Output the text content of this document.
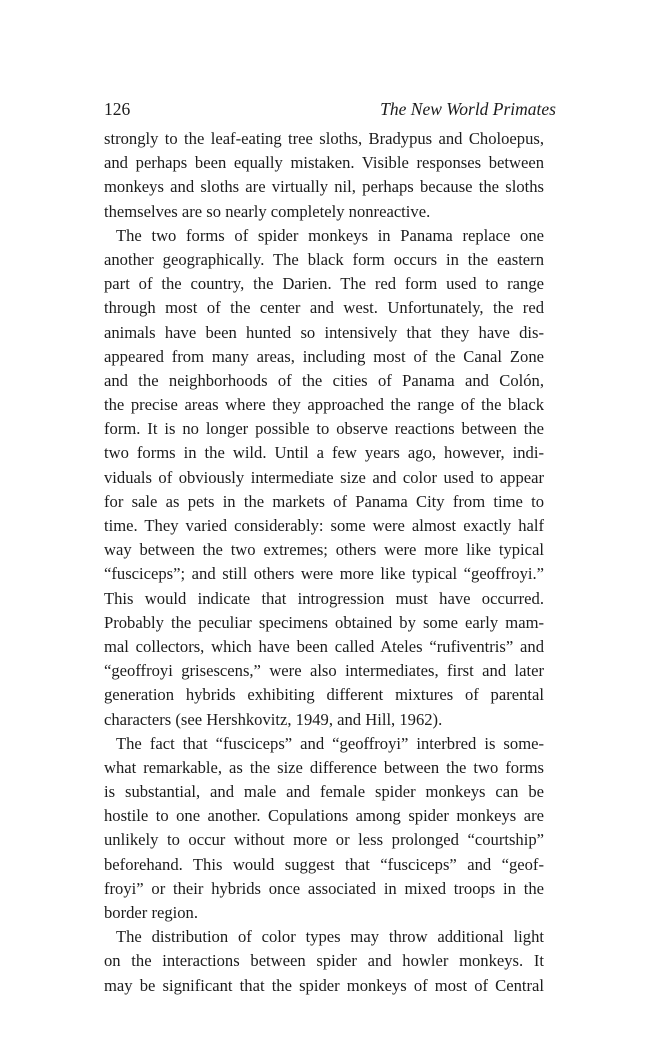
126	The New World Primates
strongly to the leaf-eating tree sloths, Bradypus and Choloepus,
and perhaps been equally mistaken. Visible responses between
monkeys and sloths are virtually nil, perhaps because the sloths
themselves are so nearly completely nonreactive.
The two forms of spider monkeys in Panama replace one
another geographically. The black form occurs in the eastern
part of the country, the Darien. The red form used to range
through most of the center and west. Unfortunately, the red
animals have been hunted so intensively that they have dis-
appeared from many areas, including most of the Canal Zone
and the neighborhoods of the cities of Panama and Colón,
the precise areas where they approached the range of the black
form. It is no longer possible to observe reactions between the
two forms in the wild. Until a few years ago, however, indi-
viduals of obviously intermediate size and color used to appear
for sale as pets in the markets of Panama City from time to
time. They varied considerably: some were almost exactly half
way between the two extremes; others were more like typical
“fusciceps”; and still others were more like typical “geoffroyi.”
This would indicate that introgression must have occurred.
Probably the peculiar specimens obtained by some early mam-
mal collectors, which have been called Ateles “rufiventris” and
“geoffroyi grisescens,” were also intermediates, first and later
generation hybrids exhibiting different mixtures of parental
characters (see Hershkovitz, 1949, and Hill, 1962).
The fact that “fusciceps” and “geoffroyi” interbred is some-
what remarkable, as the size difference between the two forms
is substantial, and male and female spider monkeys can be
hostile to one another. Copulations among spider monkeys are
unlikely to occur without more or less prolonged “courtship”
beforehand. This would suggest that “fusciceps” and “geof-
froyi” or their hybrids once associated in mixed troops in the
border region.
The distribution of color types may throw additional light
on the interactions between spider and howler monkeys. It
may be significant that the spider monkeys of most of Central
